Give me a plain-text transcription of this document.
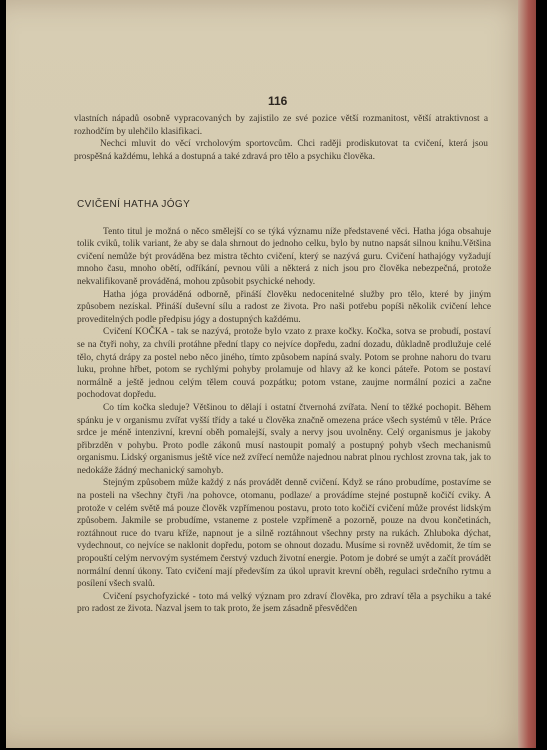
116

vlastních nápadů osobně vypracovaných by zajistilo ze své pozice větší rozmanitost, větší atraktivnost a rozhodčím by ulehčilo klasifikaci.

Nechci mluvit do věcí vrcholovým sportovcům. Chci raději prodiskutovat ta cvičení, která jsou prospěšná každému, lehká a dostupná a také zdravá pro tělo a psychiku člověka.

CVIČENÍ HATHA JÓGY

Tento titul je možná o něco smělejší co se týká významu níže představené věci. Hatha jóga obsahuje tolik cviků, tolik variant, že aby se dala shrnout do jednoho celku, bylo by nutno napsát silnou knihu.Většina cvičení nemůže být prováděna bez mistra těchto cvičení, který se nazývá guru. Cvičení hathajógy vyžadují mnoho času, mnoho obětí, odříkání, pevnou vůli a některá z nich jsou pro člověka nebezpečná, protože nekvalifikovaně prováděná, mohou způsobit psychické nehody.

Hatha jóga prováděná odborně, přináší člověku nedocenitelné služby pro tělo, které by jiným způsobem nezískal. Přináší duševní sílu a radost ze života. Pro naši potřebu popíši několik cvičení lehce proveditelných podle předpisu jógy a dostupných každému.

Cvičení KOČKA - tak se nazývá, protože bylo vzato z praxe kočky. Kočka, sotva se probudí, postaví se na čtyři nohy, za chvíli protáhne přední tlapy co nejvíce dopředu, zadní dozadu, důkladně prodlužuje celé tělo, chytá drápy za postel nebo něco jiného, tímto způsobem napíná svaly. Potom se prohne nahoru do tvaru luku, prohne hřbet, potom se rychlými pohyby prolamuje od hlavy až ke konci páteře. Potom se postaví normálně a ještě jednou celým tělem couvá pozpátku; potom vstane, zaujme normální pozici a začne pochodovat dopředu.

Co tím kočka sleduje? Většinou to dělají i ostatní čtvernohá zvířata. Není to těžké pochopit. Během spánku je v organismu zvířat vyšší třídy a také u člověka značně omezena práce všech systémů v těle. Práce srdce je méně intenzivní, krevní oběh pomalejší, svaly a nervy jsou uvolněny. Celý organismus je jakoby přibrzděn v pohybu. Proto podle zákonů musí nastoupit pomalý a postupný pohyb všech mechanismů organismu. Lidský organismus ještě více než zvířecí nemůže najednou nabrat plnou rychlost zrovna tak, jak to nedokáže žádný mechanický samohyb.

Stejným způsobem může každý z nás provádět denně cvičení. Když se ráno probudíme, postavíme se na posteli na všechny čtyři /na pohovce, otomanu, podlaze/ a provádíme stejné postupně kočičí cviky. A protože v celém světě má pouze člověk vzpřímenou postavu, proto toto kočičí cvičení může provést lidským způsobem. Jakmile se probudíme, vstaneme z postele vzpřímeně a pozorně, pouze na dvou končetinách, roztáhnout ruce do tvaru kříže, napnout je a silně roztáhnout všechny prsty na rukách. Zhluboka dýchat, vydechnout, co nejvíce se naklonit dopředu, potom se ohnout dozadu. Musíme si rovněž uvědomit, že tím se propouští celým nervovým systémem čerstvý vzduch životní energie. Potom je dobré se umýt a začít provádět normální denní úkony. Tato cvičení mají především za úkol upravit krevní oběh, regulaci srdečního rytmu a posílení všech svalů.

Cvičení psychofyzické - toto má velký význam pro zdraví člověka, pro zdraví těla a psychiku a také pro radost ze života. Nazval jsem to tak proto, že jsem zásadně přesvědčen
